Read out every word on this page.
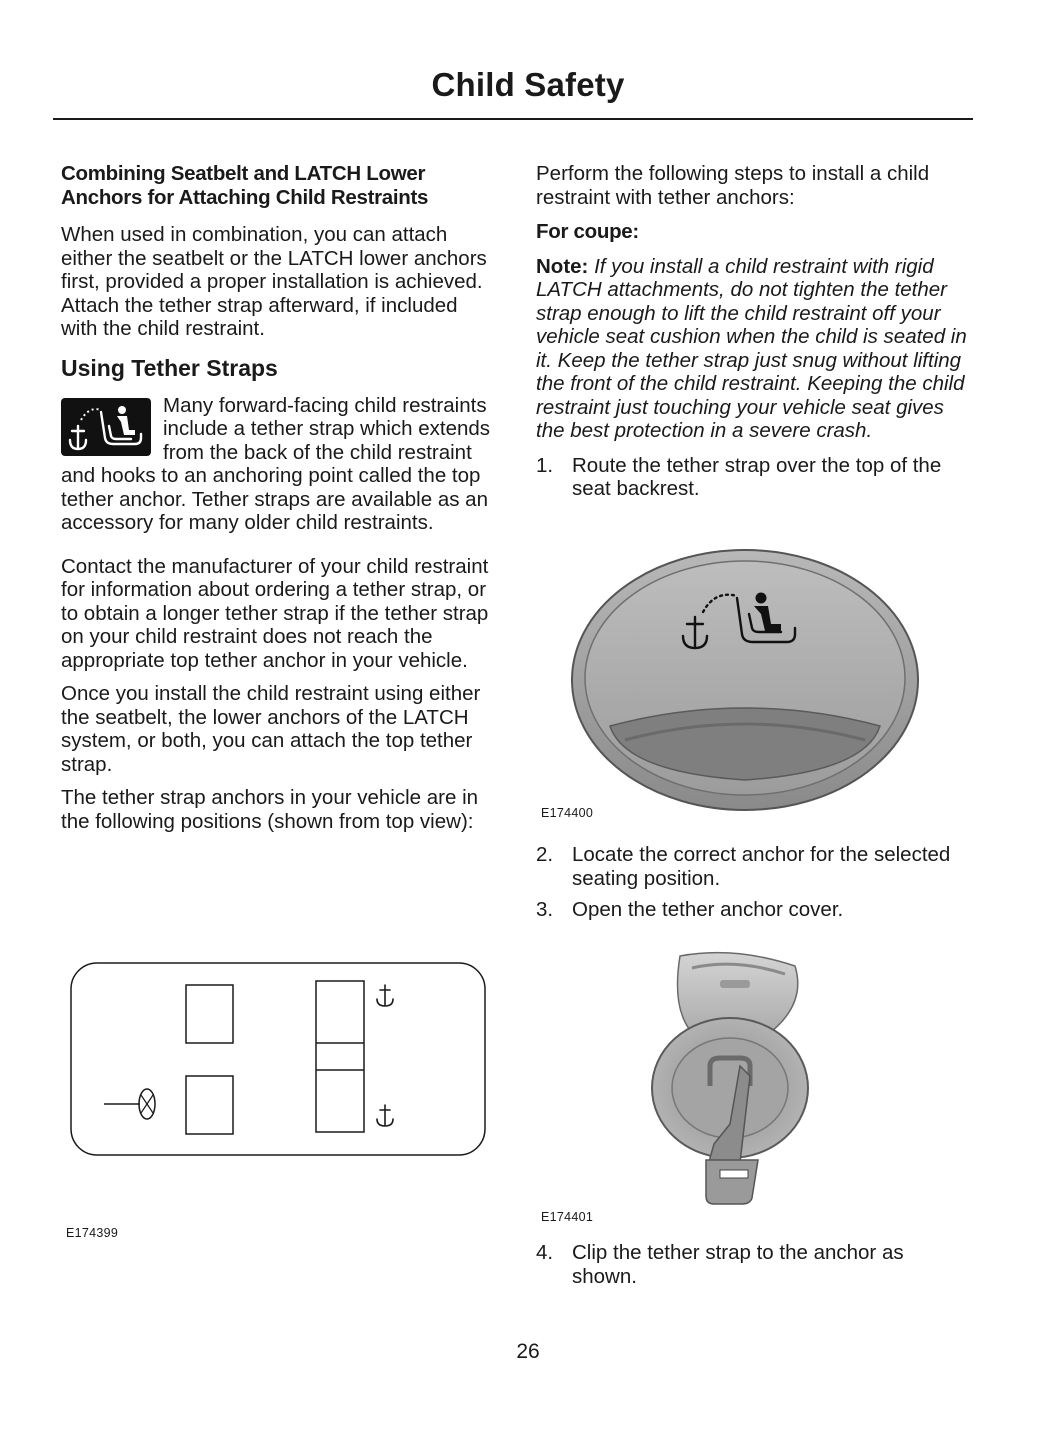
Child Safety
Combining Seatbelt and LATCH Lower Anchors for Attaching Child Restraints

When used in combination, you can attach either the seatbelt or the LATCH lower anchors first, provided a proper installation is achieved. Attach the tether strap afterward, if included with the child restraint.

Using Tether Straps

Many forward-facing child restraints include a tether strap which extends from the back of the child restraint and hooks to an anchoring point called the top tether anchor. Tether straps are available as an accessory for many older child restraints.

Contact the manufacturer of your child restraint for information about ordering a tether strap, or to obtain a longer tether strap if the tether strap on your child restraint does not reach the appropriate top tether anchor in your vehicle.

Once you install the child restraint using either the seatbelt, the lower anchors of the LATCH system, or both, you can attach the top tether strap.

The tether strap anchors in your vehicle are in the following positions (shown from top view):

E174399

Perform the following steps to install a child restraint with tether anchors:

For coupe:

Note: If you install a child restraint with rigid LATCH attachments, do not tighten the tether strap enough to lift the child restraint off your vehicle seat cushion when the child is seated in it. Keep the tether strap just snug without lifting the front of the child restraint. Keeping the child restraint just touching your vehicle seat gives the best protection in a severe crash.

1. Route the tether strap over the top of the seat backrest.
E174400
2. Locate the correct anchor for the selected seating position.
3. Open the tether anchor cover.
E174401
4. Clip the tether strap to the anchor as shown.
26
